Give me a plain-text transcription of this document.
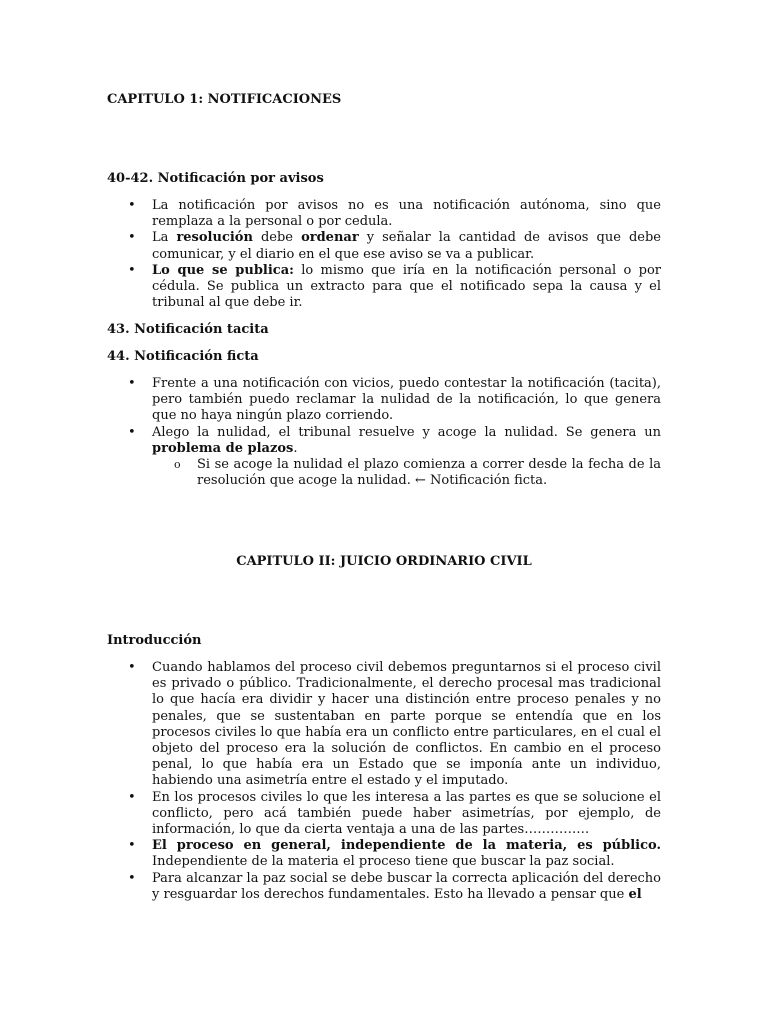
CAPITULO 1: NOTIFICACIONES
40-42. Notificación por avisos
• La notificación por avisos no es una notificación autónoma, sino que remplaza a la personal o por cedula.
• La resolución debe ordenar y señalar la cantidad de avisos que debe comunicar, y el diario en el que ese aviso se va a publicar.
• Lo que se publica: lo mismo que iría en la notificación personal o por cédula. Se publica un extracto para que el notificado sepa la causa y el tribunal al que debe ir.
43. Notificación tacita
44. Notificación ficta
• Frente a una notificación con vicios, puedo contestar la notificación (tacita), pero también puedo reclamar la nulidad de la notificación, lo que genera que no haya ningún plazo corriendo.
• Alego la nulidad, el tribunal resuelve y acoge la nulidad. Se genera un problema de plazos.
o Si se acoge la nulidad el plazo comienza a correr desde la fecha de la resolución que acoge la nulidad. ← Notificación ficta.
CAPITULO II: JUICIO ORDINARIO CIVIL
Introducción
• Cuando hablamos del proceso civil debemos preguntarnos si el proceso civil es privado o público. Tradicionalmente, el derecho procesal mas tradicional lo que hacía era dividir y hacer una distinción entre proceso penales y no penales, que se sustentaban en parte porque se entendía que en los procesos civiles lo que había era un conflicto entre particulares, en el cual el objeto del proceso era la solución de conflictos. En cambio en el proceso penal, lo que había era un Estado que se imponía ante un individuo, habiendo una asimetría entre el estado y el imputado.
• En los procesos civiles lo que les interesa a las partes es que se solucione el conflicto, pero acá también puede haber asimetrías, por ejemplo, de información, lo que da cierta ventaja a una de las partes……………
• El proceso en general, independiente de la materia, es público. Independiente de la materia el proceso tiene que buscar la paz social.
• Para alcanzar la paz social se debe buscar la correcta aplicación del derecho y resguardar los derechos fundamentales. Esto ha llevado a pensar que el
